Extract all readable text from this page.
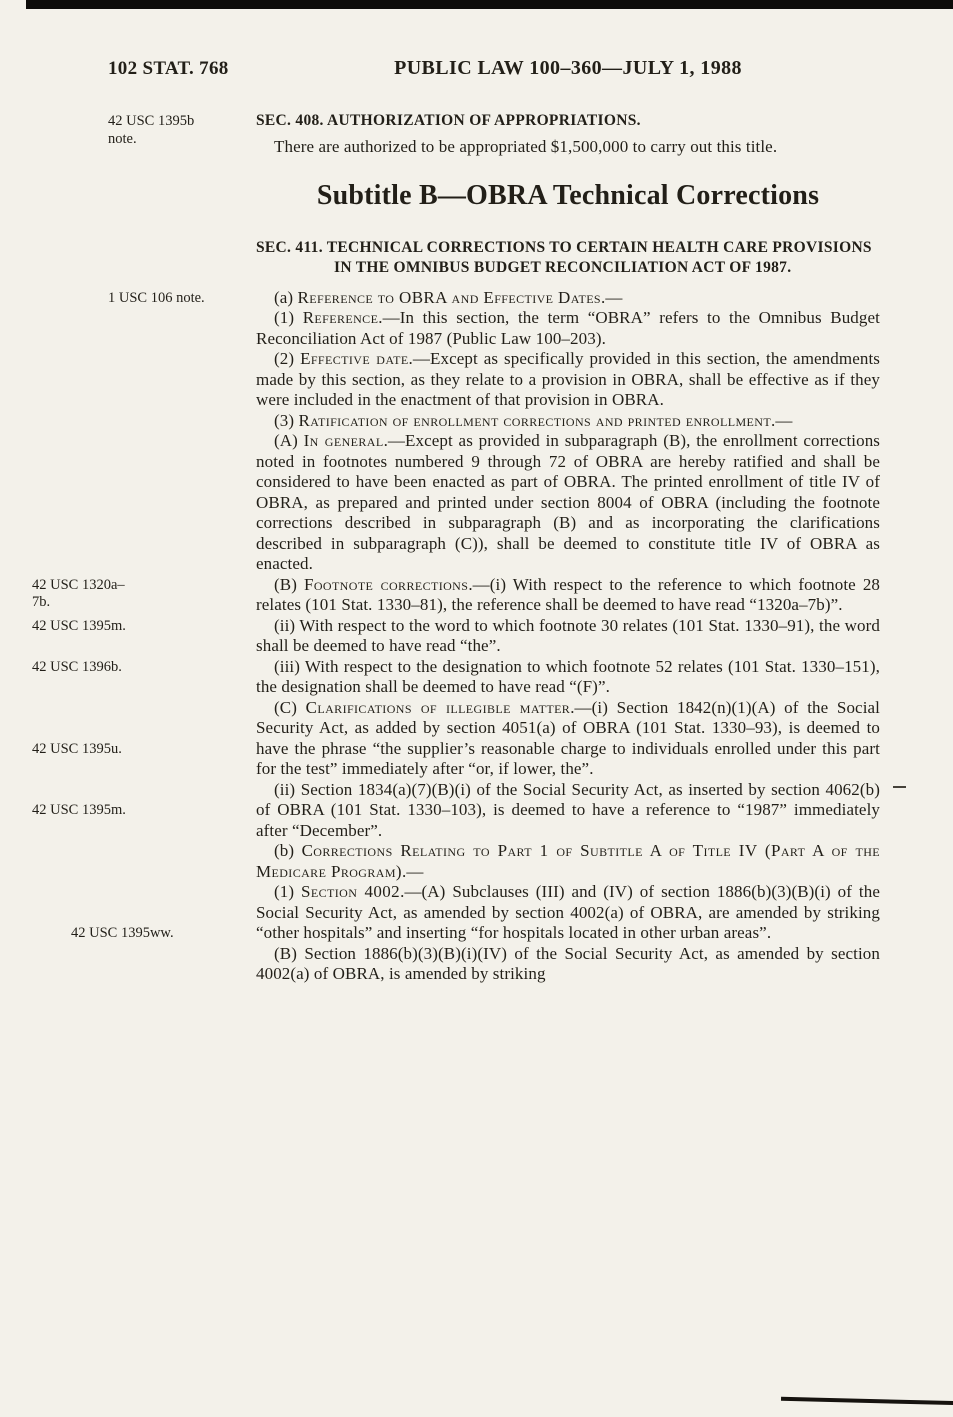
102 STAT. 768	PUBLIC LAW 100–360—JULY 1, 1988
42 USC 1395b note.
SEC. 408. AUTHORIZATION OF APPROPRIATIONS.

There are authorized to be appropriated $1,500,000 to carry out this title.

Subtitle B—OBRA Technical Corrections
SEC. 411. TECHNICAL CORRECTIONS TO CERTAIN HEALTH CARE PROVISIONS IN THE OMNIBUS BUDGET RECONCILIATION ACT OF 1987.

1 USC 106 note.	(a) Reference to OBRA and Effective Dates.—

(1) Reference.—In this section, the term “OBRA” refers to the Omnibus Budget Reconciliation Act of 1987 (Public Law 100–203).

(2) Effective date.—Except as specifically provided in this section, the amendments made by this section, as they relate to a provision in OBRA, shall be effective as if they were included in the enactment of that provision in OBRA.

(3) Ratification of enrollment corrections and printed enrollment.—

(A) In general.—Except as provided in subparagraph (B), the enrollment corrections noted in footnotes numbered 9 through 72 of OBRA are hereby ratified and shall be considered to have been enacted as part of OBRA. The printed enrollment of title IV of OBRA, as prepared and printed under section 8004 of OBRA (including the footnote corrections described in subparagraph (B) and as incorporating the clarifications described in subparagraph (C)), shall be deemed to constitute title IV of OBRA as enacted.

42 USC 1320a–7b.
(B) Footnote corrections.—(i) With respect to the reference to which footnote 28 relates (101 Stat. 1330–81), the reference shall be deemed to have read “1320a–7b)”.

42 USC 1395m.	(ii) With respect to the word to which footnote 30 relates (101 Stat. 1330–91), the word shall be deemed to have read “the”.

42 USC 1396b.	(iii) With respect to the designation to which footnote 52 relates (101 Stat. 1330–151), the designation shall be deemed to have read “(F)”.

42 USC 1395u.
(C) Clarifications of illegible matter.—(i) Section 1842(n)(1)(A) of the Social Security Act, as added by section 4051(a) of OBRA (101 Stat. 1330–93), is deemed to have the phrase “the supplier’s reasonable charge to individuals enrolled under this part for the test” immediately after “or, if lower, the”.

42 USC 1395m.
(ii) Section 1834(a)(7)(B)(i) of the Social Security Act, as inserted by section 4062(b) of OBRA (101 Stat. 1330–103), is deemed to have a reference to “1987” immediately after “December”.

(b) Corrections Relating to Part 1 of Subtitle A of Title IV (Part A of the Medicare Program).—

42 USC 1395ww.
(1) Section 4002.—(A) Subclauses (III) and (IV) of section 1886(b)(3)(B)(i) of the Social Security Act, as amended by section 4002(a) of OBRA, are amended by striking “other hospitals” and inserting “for hospitals located in other urban areas”.

(B) Section 1886(b)(3)(B)(i)(IV) of the Social Security Act, as amended by section 4002(a) of OBRA, is amended by striking
